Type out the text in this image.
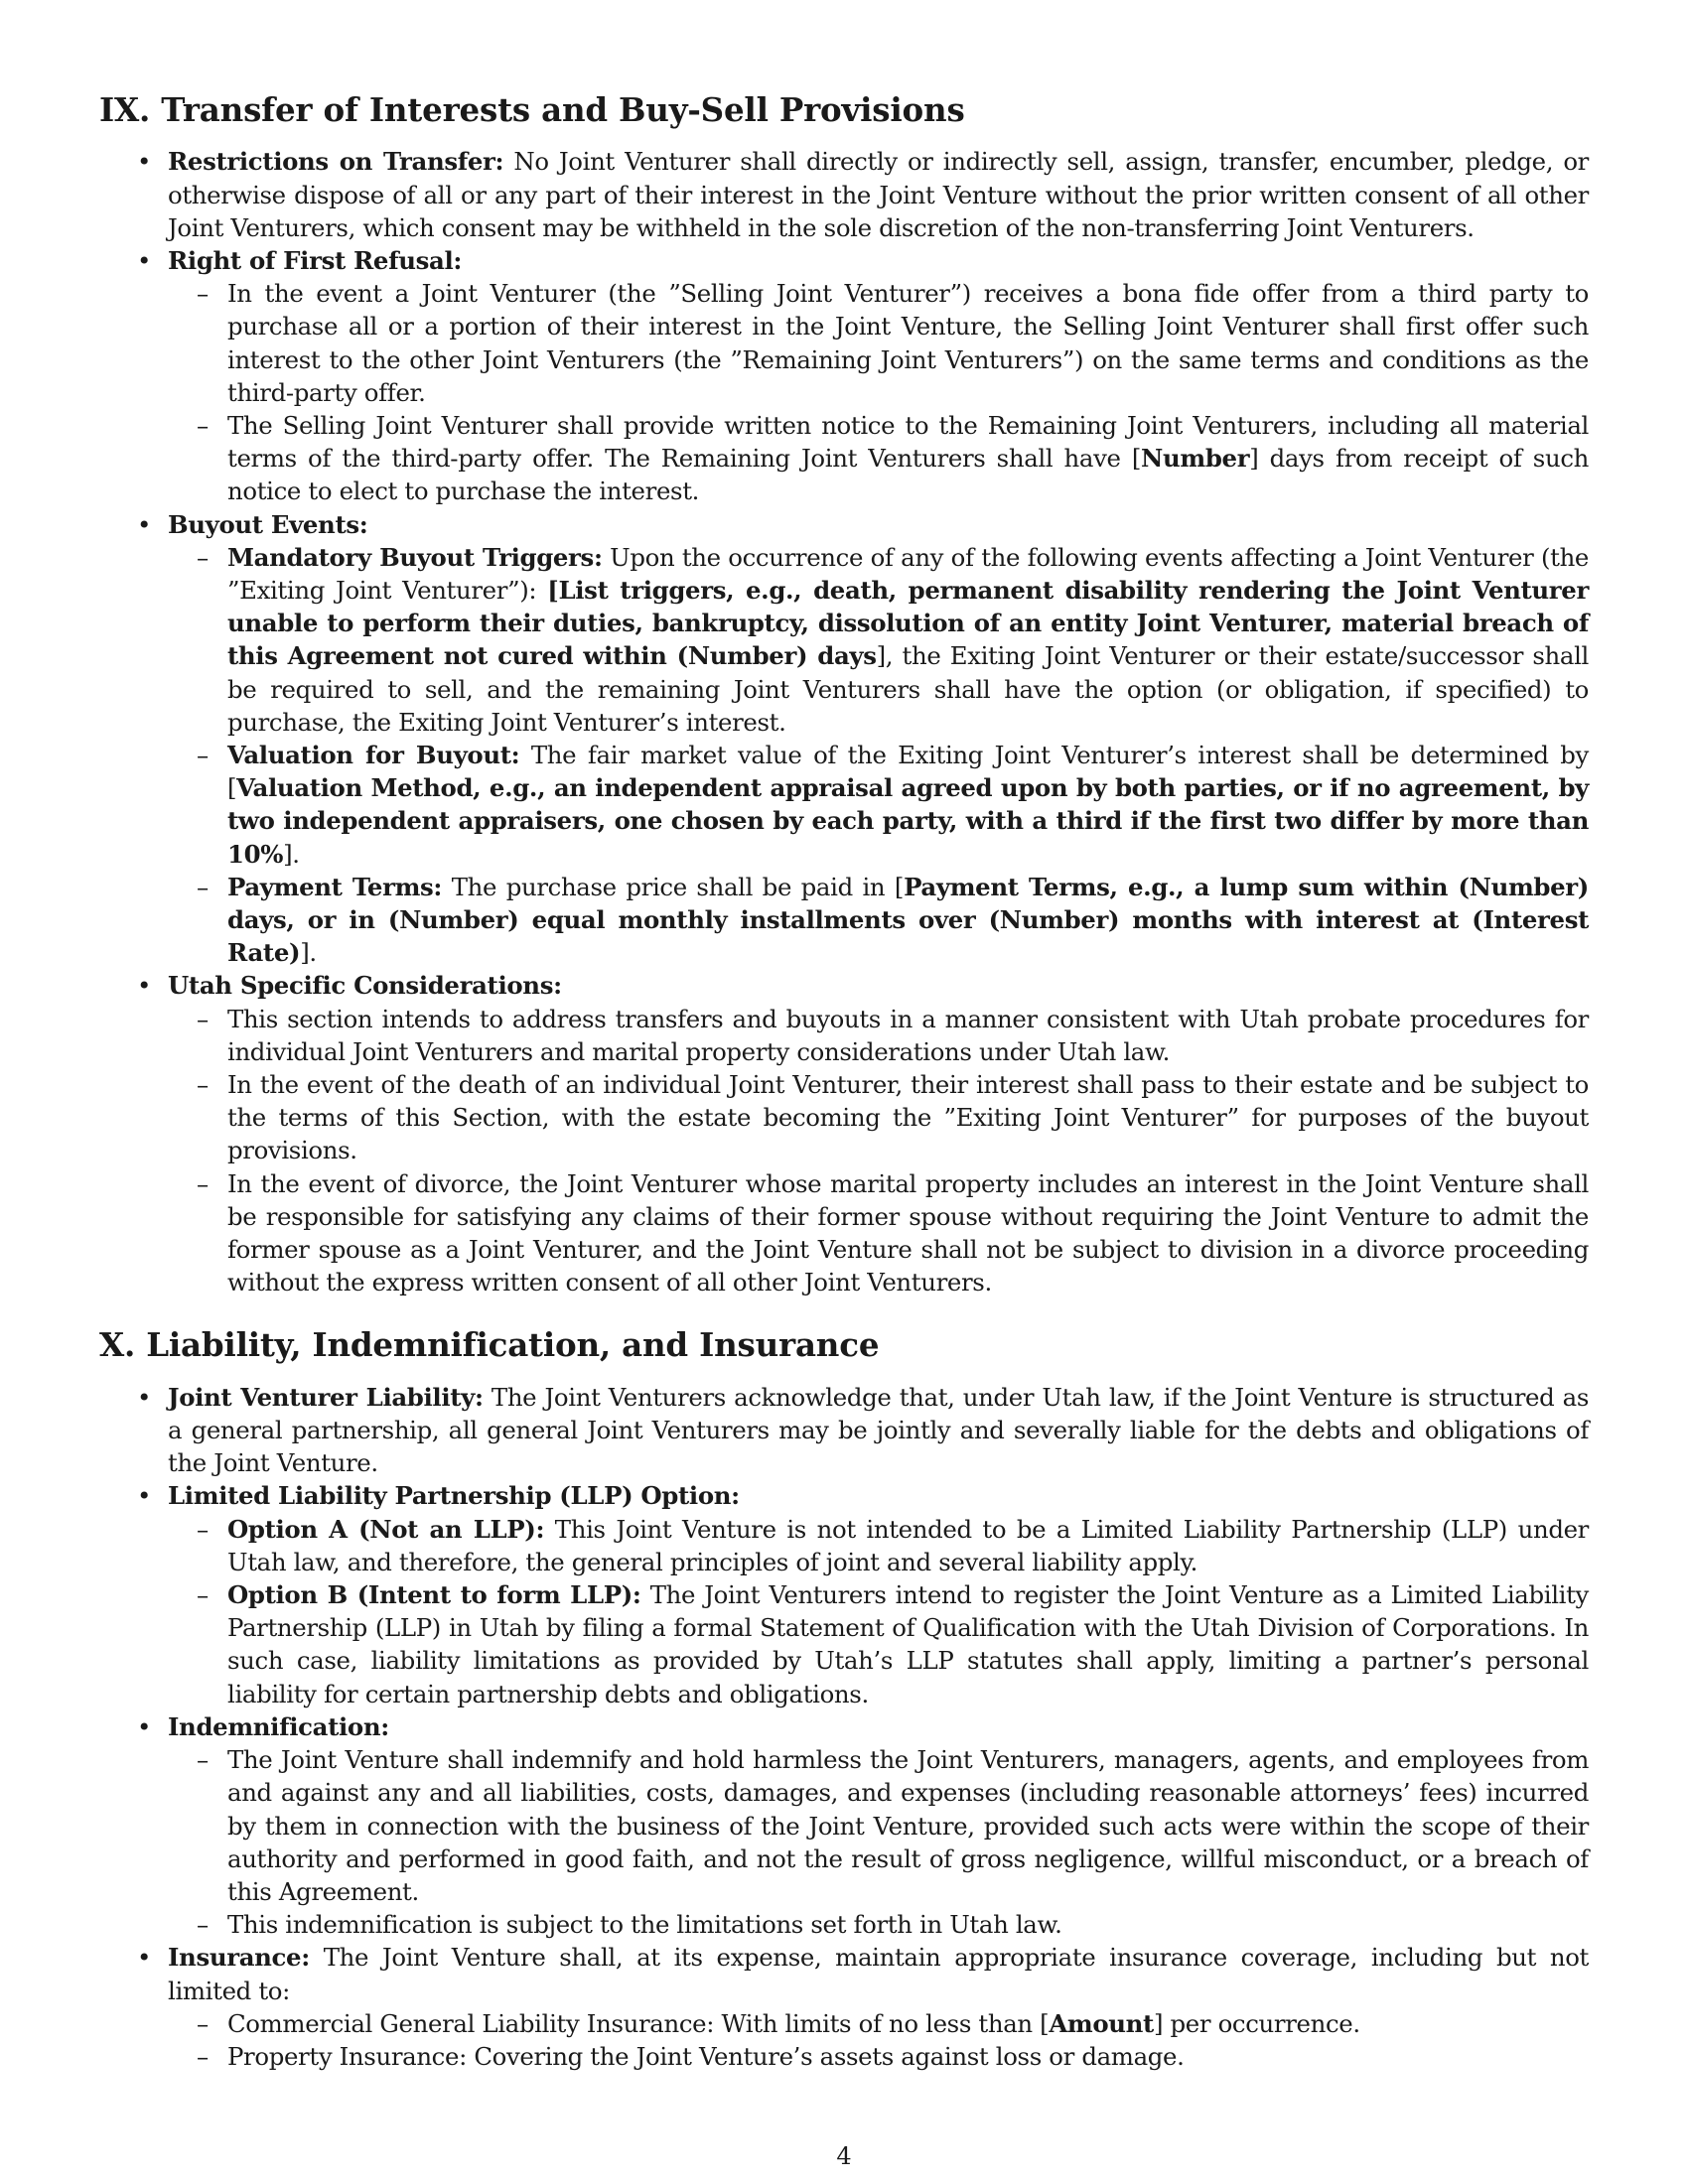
IX. Transfer of Interests and Buy-Sell Provisions
• Restrictions on Transfer: No Joint Venturer shall directly or indirectly sell, assign, transfer, encumber, pledge, or otherwise dispose of all or any part of their interest in the Joint Venture without the prior written consent of all other Joint Venturers, which consent may be withheld in the sole discretion of the non-transferring Joint Venturers.
• Right of First Refusal:
– In the event a Joint Venturer (the ”Selling Joint Venturer”) receives a bona fide offer from a third party to purchase all or a portion of their interest in the Joint Venture, the Selling Joint Venturer shall first offer such interest to the other Joint Venturers (the ”Remaining Joint Venturers”) on the same terms and conditions as the third-party offer.
– The Selling Joint Venturer shall provide written notice to the Remaining Joint Venturers, including all material terms of the third-party offer. The Remaining Joint Venturers shall have [Number] days from receipt of such notice to elect to purchase the interest.
• Buyout Events:
– Mandatory Buyout Triggers: Upon the occurrence of any of the following events affecting a Joint Venturer (the ”Exiting Joint Venturer”): [List triggers, e.g., death, permanent disability rendering the Joint Venturer unable to perform their duties, bankruptcy, dissolution of an entity Joint Venturer, material breach of this Agreement not cured within (Number) days], the Exiting Joint Venturer or their estate/successor shall be required to sell, and the remaining Joint Venturers shall have the option (or obligation, if specified) to purchase, the Exiting Joint Venturer’s interest.
– Valuation for Buyout: The fair market value of the Exiting Joint Venturer’s interest shall be determined by [Valuation Method, e.g., an independent appraisal agreed upon by both parties, or if no agreement, by two independent appraisers, one chosen by each party, with a third if the first two differ by more than 10%].
– Payment Terms: The purchase price shall be paid in [Payment Terms, e.g., a lump sum within (Number) days, or in (Number) equal monthly installments over (Number) months with interest at (Interest Rate)].
• Utah Specific Considerations:
– This section intends to address transfers and buyouts in a manner consistent with Utah probate procedures for individual Joint Venturers and marital property considerations under Utah law.
– In the event of the death of an individual Joint Venturer, their interest shall pass to their estate and be subject to the terms of this Section, with the estate becoming the ”Exiting Joint Venturer” for purposes of the buyout provisions.
– In the event of divorce, the Joint Venturer whose marital property includes an interest in the Joint Venture shall be responsible for satisfying any claims of their former spouse without requiring the Joint Venture to admit the former spouse as a Joint Venturer, and the Joint Venture shall not be subject to division in a divorce proceeding without the express written consent of all other Joint Venturers.
X. Liability, Indemnification, and Insurance
• Joint Venturer Liability: The Joint Venturers acknowledge that, under Utah law, if the Joint Venture is structured as a general partnership, all general Joint Venturers may be jointly and severally liable for the debts and obligations of the Joint Venture.
• Limited Liability Partnership (LLP) Option:
– Option A (Not an LLP): This Joint Venture is not intended to be a Limited Liability Partnership (LLP) under Utah law, and therefore, the general principles of joint and several liability apply.
– Option B (Intent to form LLP): The Joint Venturers intend to register the Joint Venture as a Limited Liability Partnership (LLP) in Utah by filing a formal Statement of Qualification with the Utah Division of Corporations. In such case, liability limitations as provided by Utah’s LLP statutes shall apply, limiting a partner’s personal liability for certain partnership debts and obligations.
• Indemnification:
– The Joint Venture shall indemnify and hold harmless the Joint Venturers, managers, agents, and employees from and against any and all liabilities, costs, damages, and expenses (including reasonable attorneys’ fees) incurred by them in connection with the business of the Joint Venture, provided such acts were within the scope of their authority and performed in good faith, and not the result of gross negligence, willful misconduct, or a breach of this Agreement.
– This indemnification is subject to the limitations set forth in Utah law.
• Insurance: The Joint Venture shall, at its expense, maintain appropriate insurance coverage, including but not limited to:
– Commercial General Liability Insurance: With limits of no less than [Amount] per occurrence.
– Property Insurance: Covering the Joint Venture’s assets against loss or damage.
4
